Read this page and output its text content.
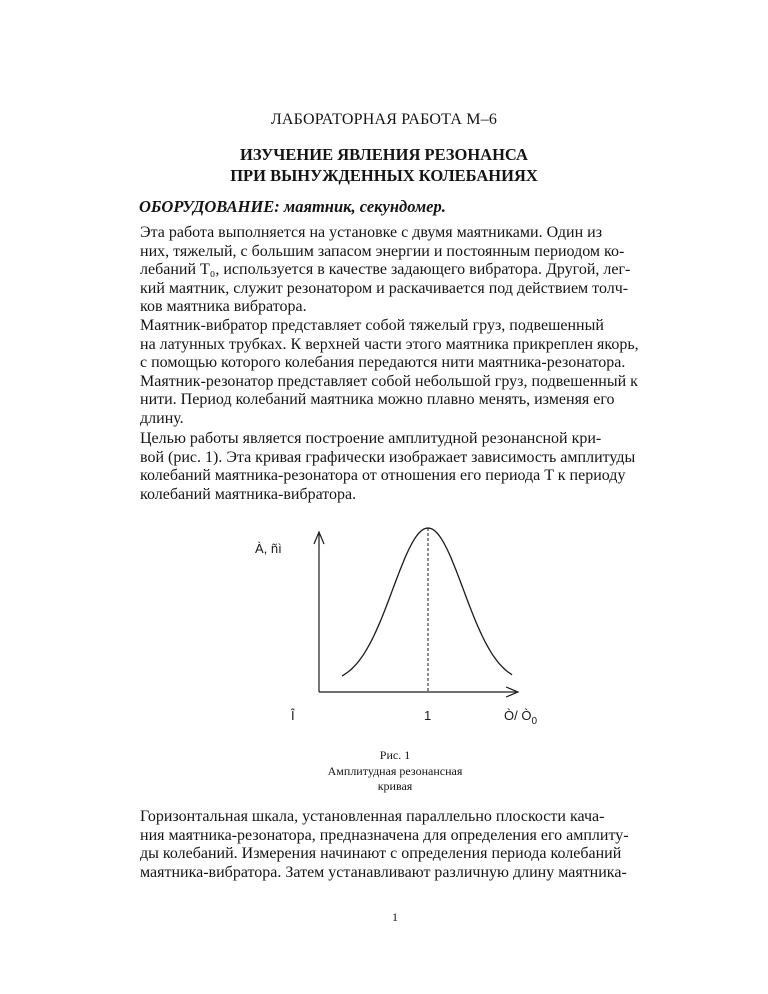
ЛАБОРАТОРНАЯ РАБОТА М–6
ИЗУЧЕНИЕ ЯВЛЕНИЯ РЕЗОНАНСА
ПРИ ВЫНУЖДЕННЫХ КОЛЕБАНИЯХ
ОБОРУДОВАНИЕ: маятник, секундомер.

Эта работа выполняется на установке с двумя маятниками. Один из
них, тяжелый, с большим запасом энергии и постоянным периодом ко-
лебаний T₀, используется в качестве задающего вибратора. Другой, лег-
кий маятник, служит резонатором и раскачивается под действием толч-
ков маятника вибратора.

Маятник-вибратор представляет собой тяжелый груз, подвешенный
на латунных трубках. К верхней части этого маятника прикреплен якорь,
с помощью которого колебания передаются нити маятника-резонатора.
Маятник-резонатор представляет собой небольшой груз, подвешенный к
нити. Период колебаний маятника можно плавно менять, изменяя его
длину.

Целью работы является построение амплитудной резонансной кри-
вой (рис. 1). Эта кривая графически изображает зависимость амплитуды
колебаний маятника-резонатора от отношения его периода T к периоду
колебаний маятника-вибратора.

À, ñì
Î	1	Ò/ $Ò_0$
Рис. 1
Амплитудная резонансная
кривая

Горизонтальная шкала, установленная параллельно плоскости кача-
ния маятника-резонатора, предназначена для определения его амплиту-
ды колебаний. Измерения начинают с определения периода колебаний
маятника-вибратора. Затем устанавливают различную длину маятника-

1
